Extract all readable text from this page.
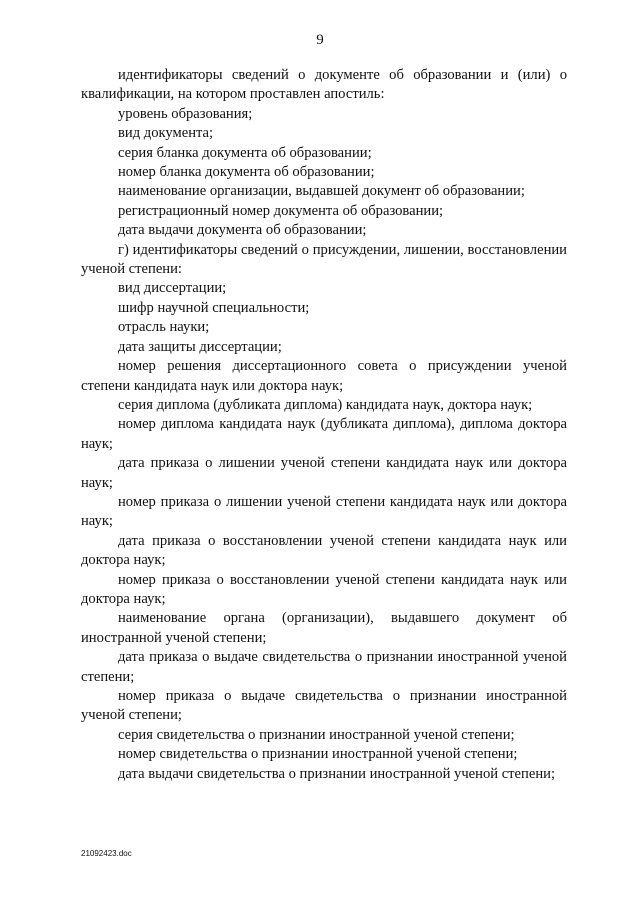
9

идентификаторы сведений о документе об образовании и (или) о квалификации, на котором проставлен апостиль:

уровень образования;

вид документа;

серия бланка документа об образовании;

номер бланка документа об образовании;

наименование организации, выдавшей документ об образовании;

регистрационный номер документа об образовании;

дата выдачи документа об образовании;

г) идентификаторы сведений о присуждении, лишении, восстановлении ученой степени:

вид диссертации;

шифр научной специальности;

отрасль науки;

дата защиты диссертации;

номер решения диссертационного совета о присуждении ученой степени кандидата наук или доктора наук;

серия диплома (дубликата диплома) кандидата наук, доктора наук;

номер диплома кандидата наук (дубликата диплома), диплома доктора наук;

дата приказа о лишении ученой степени кандидата наук или доктора наук;

номер приказа о лишении ученой степени кандидата наук или доктора наук;

дата приказа о восстановлении ученой степени кандидата наук или доктора наук;

номер приказа о восстановлении ученой степени кандидата наук или доктора наук;

наименование органа (организации), выдавшего документ об иностранной ученой степени;

дата приказа о выдаче свидетельства о признании иностранной ученой степени;

номер приказа о выдаче свидетельства о признании иностранной ученой степени;

серия свидетельства о признании иностранной ученой степени;

номер свидетельства о признании иностранной ученой степени;

дата выдачи свидетельства о признании иностранной ученой степени;

21092423.doc
